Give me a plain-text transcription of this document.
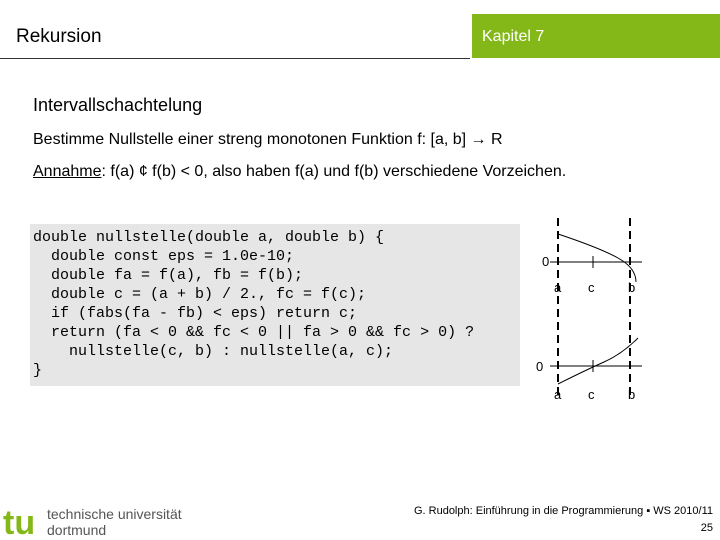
Rekursion	Kapitel 7
Intervallschachtelung
Bestimme Nullstelle einer streng monotonen Funktion f: [a, b] → R
Annahme: f(a) ¢ f(b) < 0, also haben f(a) und f(b) verschiedene Vorzeichen.
double nullstelle(double a, double b) {
double const eps = 1.0e-10;
double fa = f(a), fb = f(b);
double c = (a + b) / 2., fc = f(c);
if (fabs(fa - fb) < eps) return c;
return (fa < 0 && fc < 0 || fa > 0 && fc > 0) ?
nullstelle(c, b) : nullstelle(a, c);
}
0
a c	b
0
a c	b
tu technische universität
dortmund
G. Rudolph: Einführung in die Programmierung ▪ WS 2010/11
25
